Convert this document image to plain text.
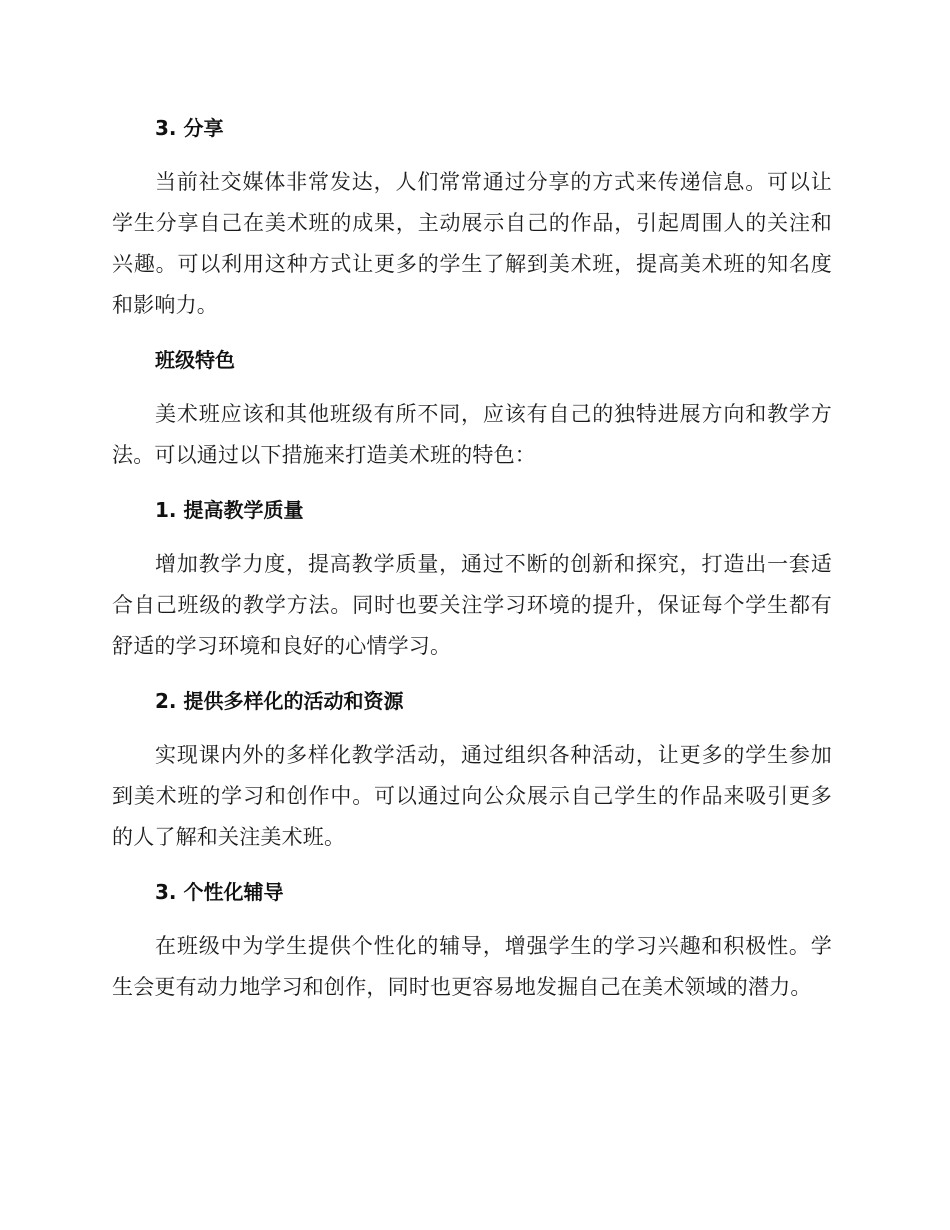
3. 分享
当前社交媒体非常发达，人们常常通过分享的方式来传递信息。可以让学生分享自己在美术班的成果，主动展示自己的作品，引起周围人的关注和兴趣。可以利用这种方式让更多的学生了解到美术班，提高美术班的知名度和影响力。
班级特色
美术班应该和其他班级有所不同，应该有自己的独特进展方向和教学方法。可以通过以下措施来打造美术班的特色：
1. 提高教学质量
增加教学力度，提高教学质量，通过不断的创新和探究，打造出一套适合自己班级的教学方法。同时也要关注学习环境的提升，保证每个学生都有舒适的学习环境和良好的心情学习。
2. 提供多样化的活动和资源
实现课内外的多样化教学活动，通过组织各种活动，让更多的学生参加到美术班的学习和创作中。可以通过向公众展示自己学生的作品来吸引更多的人了解和关注美术班。
3. 个性化辅导
在班级中为学生提供个性化的辅导，增强学生的学习兴趣和积极性。学生会更有动力地学习和创作，同时也更容易地发掘自己在美术领域的潜力。
